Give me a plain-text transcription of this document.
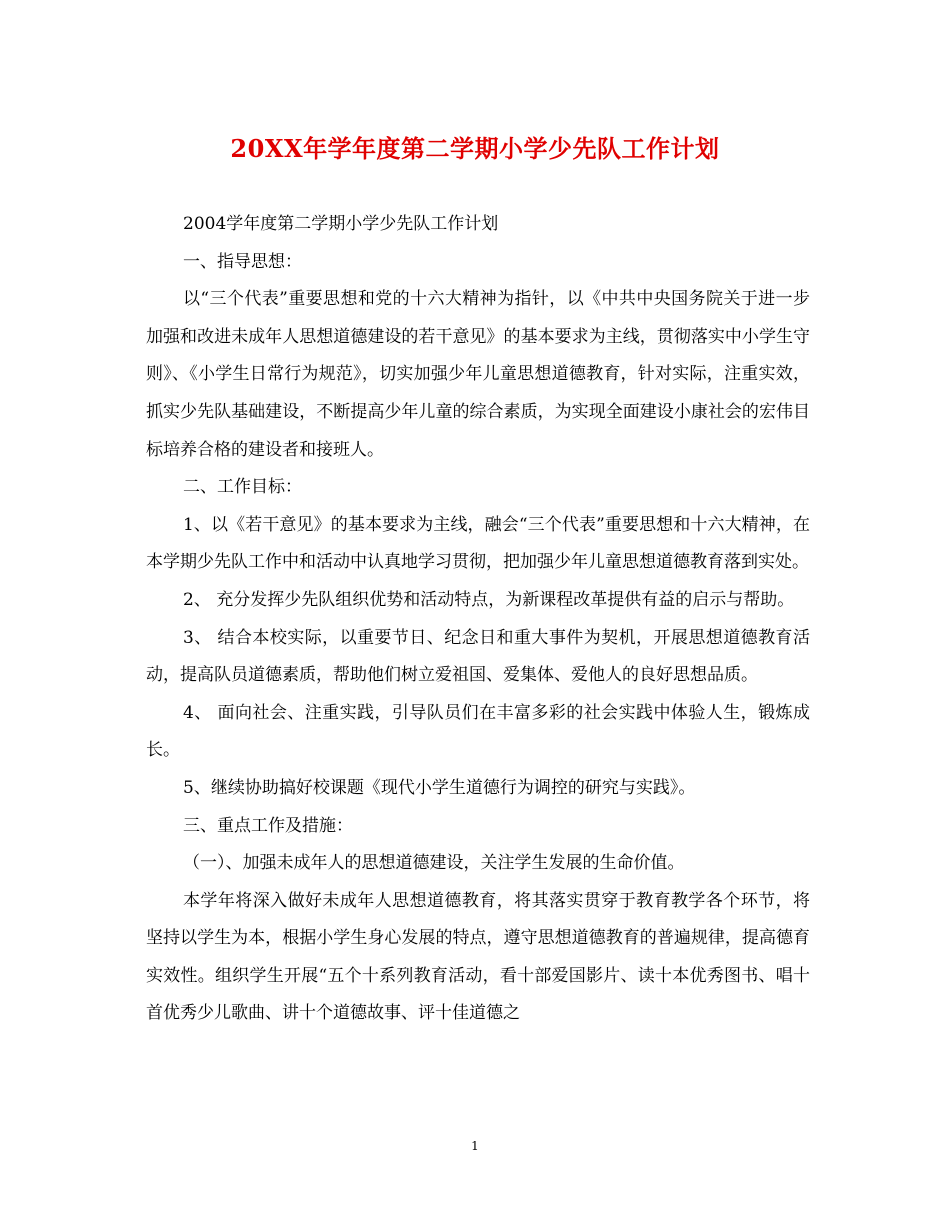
20XX年学年度第二学期小学少先队工作计划

2004学年度第二学期小学少先队工作计划

一、指导思想：

以“三个代表”重要思想和党的十六大精神为指针，以《中共中央国务院关于进一步加强和改进未成年人思想道德建设的若干意见》的基本要求为主线，贯彻落实中小学生守则》、《小学生日常行为规范》，切实加强少年儿童思想道德教育，针对实际，注重实效，抓实少先队基础建设，不断提高少年儿童的综合素质，为实现全面建设小康社会的宏伟目标培养合格的建设者和接班人。

二、工作目标：

1、以《若干意见》的基本要求为主线，融会“三个代表”重要思想和十六大精神，在本学期少先队工作中和活动中认真地学习贯彻，把加强少年儿童思想道德教育落到实处。

2、 充分发挥少先队组织优势和活动特点，为新课程改革提供有益的启示与帮助。

3、 结合本校实际，以重要节日、纪念日和重大事件为契机，开展思想道德教育活动，提高队员道德素质，帮助他们树立爱祖国、爱集体、爱他人的良好思想品质。

4、 面向社会、注重实践，引导队员们在丰富多彩的社会实践中体验人生，锻炼成长。

5、继续协助搞好校课题《现代小学生道德行为调控的研究与实践》。

三、重点工作及措施：

（一）、加强未成年人的思想道德建设，关注学生发展的生命价值。

本学年将深入做好未成年人思想道德教育，将其落实贯穿于教育教学各个环节，将坚持以学生为本，根据小学生身心发展的特点，遵守思想道德教育的普遍规律，提高德育实效性。组织学生开展“五个十系列教育活动，看十部爱国影片、读十本优秀图书、唱十首优秀少儿歌曲、讲十个道德故事、评十佳道德之

1
